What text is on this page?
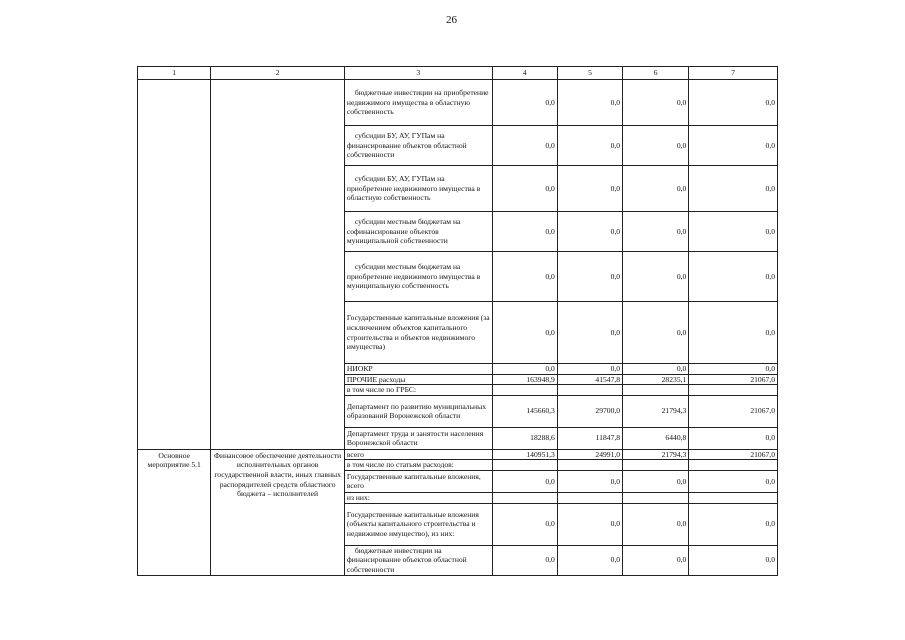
26
1	2	3	4	5	6	7
		бюджетные инвестиции на приобретение недвижимого имущества в областную собственность	0,0	0,0	0,0	0,0
		субсидии БУ, АУ, ГУПам на финансирование объектов областной собственности	0,0	0,0	0,0	0,0
		субсидии БУ, АУ, ГУПам на приобретение недвижимого имущества в областную собственность	0,0	0,0	0,0	0,0
		субсидии местным бюджетам на софинансирование объектов муниципальной собственности	0,0	0,0	0,0	0,0
		субсидии местным бюджетам на приобретение недвижимого имущества в муниципальную собственность	0,0	0,0	0,0	0,0
		Государственные капитальные вложения (за исключением объектов капитального строительства и объектов недвижимого имущества)	0,0	0,0	0,0	0,0
		НИОКР	0,0	0,0	0,0	0,0
		ПРОЧИЕ расходы	163948,9	41547,8	28235,1	21067,0
		в том числе по ГРБС:				
		Департамент по развитию муниципальных образований Воронежской области	145660,3	29700,0	21794,3	21067,0
		Департамент труда и занятости населения Воронежской области	18288,6	11847,8	6440,8	0,0
Основное мероприятие 5.1	Финансовое обеспечение деятельности исполнительных органов государственной власти, иных главных распорядителей средств областного бюджета – исполнителей	всего	140951,3	24991,0	21794,3	21067,0
		в том числе по статьям расходов:				
		Государственные капитальные вложения, всего	0,0	0,0	0,0	0,0
		из них:				
		Государственные капитальные вложения (объекты капитального строительства и недвижимое имущество), из них:	0,0	0,0	0,0	0,0
		бюджетные инвестиции на финансирование объектов областной собственности	0,0	0,0	0,0	0,0
